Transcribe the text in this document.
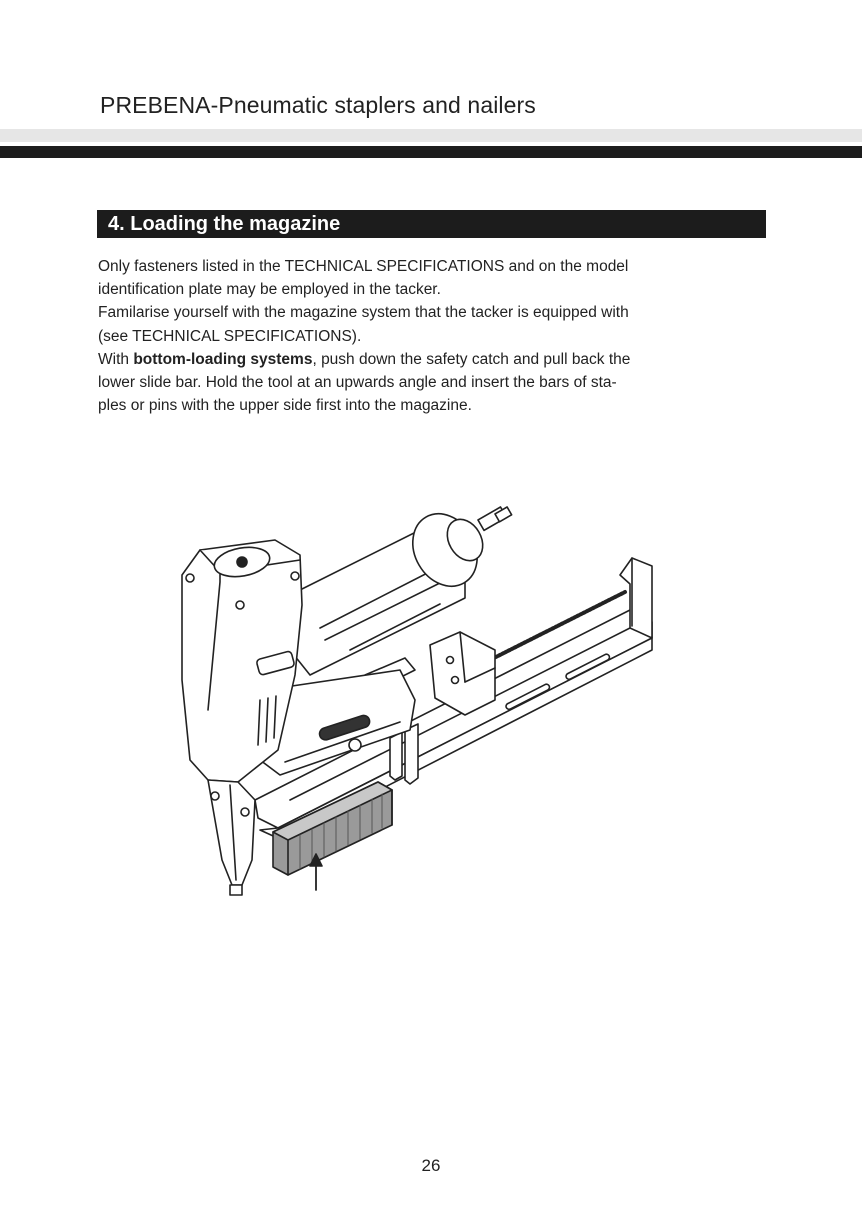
PREBENA-Pneumatic staplers and nailers
4. Loading the magazine

Only fasteners listed in the TECHNICAL SPECIFICATIONS and on the model
identification plate may be employed in the tacker.

Familarise yourself with the magazine system that the tacker is equipped with
(see TECHNICAL SPECIFICATIONS).

With bottom-loading systems, push down the safety catch and pull back the
lower slide bar. Hold the tool at an upwards angle and insert the bars of sta-
ples or pins with the upper side first into the magazine.

26
